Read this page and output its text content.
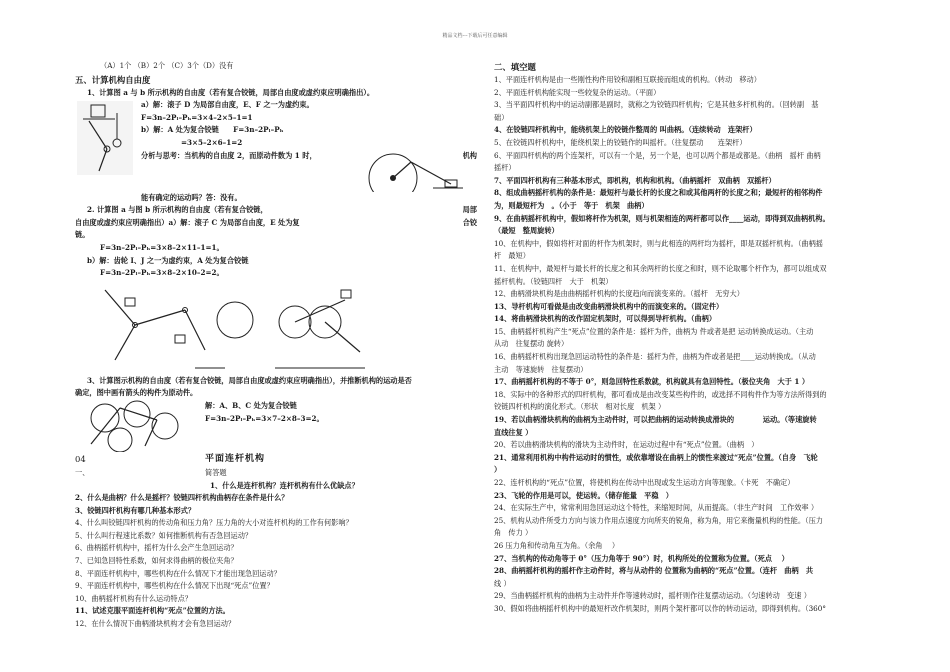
精品文档---下载后可任意编辑
（A）1个 （B）2个 （C）3个（D）没有
五、计算机构自由度
1、计算图 a 与 b 所示机构的自由度（若有复合铰链，局部自由度或虚约束应明确指出）。
a）解：滚子 D 为局部自由度，E、F 之一为虚约束。
F=3n–2Pₗ–Pₕ=3×4–2×5–1=1
b）解：A 处为复合铰链　　F=3n–2Pₗ–Pₕ
=3×5–2×6–1=2
分析与思考：当机构的自由度 2，而原动件数为 1 时，	机构
能有确定的运动吗？答：没有。
2. 计算图 a 与图 b 所示机构的自由度（若有复合铰链，	局部
自由度或虚约束应明确指出）a）解：滚子 C 为局部自由度，E 处为复	合铰
链。
F=3n–2Pₗ–Pₕ=3×8–2×11–1=1。
b）解：齿轮 I、J 之一为虚约束，A 处为复合铰链
F=3n–2Pₗ–Pₕ=3×8–2×10–2=2。
3、计算图示机构的自由度（若有复合铰链，局部自由度或虚约束应明确指出），并推断机构的运动是否
确定，图中画有箭头的构件为原动件。
解：A、B、C 处为复合铰链
F=3n–2Pₗ–Pₕ=3×7–2×8–3=2。
04	平面连杆机构
一、	简答题
1、什么是连杆机构？连杆机构有什么优缺点？
2、什么是曲柄？什么是摇杆？铰链四杆机构曲柄存在条件是什么？
3、铰链四杆机构有哪几种基本形式？
4、什么叫铰链四杆机构的传动角和压力角？压力角的大小对连杆机构的工作有何影响？
5、什么叫行程速比系数？如何推断机构有否急回运动？
6、曲柄摇杆机构中，摇杆为什么会产生急回运动？
7、已知急回特性系数，如何求得曲柄的极位夹角？
8、平面连杆机构中，哪些机构在什么情况下才能出现急回运动？
9、平面连杆机构中，哪些机构在什么情况下出现“死点”位置？
10、曲柄摇杆机构有什么运动特点？
11、试述克服平面连杆机构“死点”位置的方法。
12、在什么情况下曲柄滑块机构才会有急回运动？
二、填空题
1、平面连杆机构是由一些刚性构件用铰和副相互联接而组成的机构。（转动　移动）
2、平面连杆机构能实现一些较复杂的运动。（平面）
3、当平面四杆机构中的运动副都是副时，就称之为铰链四杆机构；它是其他多杆机构的。（回转副　基
础）
4、在铰链四杆机构中，能绕机架上的铰链作整周的 叫曲柄。（连续转动　连架杆）
5、在铰链四杆机构中，能绕机架上的铰链作的叫摇杆。（往复摆动　　连架杆）
6、平面四杆机构的两个连架杆，可以有一个是，另一个是，也可以两个都是或都是。（曲柄　摇杆 曲柄
摇杆）
7、平面四杆机构有三种基本形式，即机构，机构和机构。（曲柄摇杆　双曲柄　双摇杆）
8、组成曲柄摇杆机构的条件是：最短杆与最长杆的长度之和或其他两杆的长度之和；最短杆的相邻构件
为，则最短杆为　。（小于　等于　机架　曲柄）
9、在曲柄摇杆机构中，假如将杆作为机架，则与机架相连的两杆都可以作____运动，即得到双曲柄机构。
（最短　整周旋转）
10、在机构中，假如将杆对面的杆作为机架时，则与此相连的两杆均为摇杆，即是双摇杆机构。（曲柄摇
杆　最短）
11、在机构中，最短杆与最长杆的长度之和其余两杆的长度之和时，则不论取哪个杆作为，都可以组成双
摇杆机构。（铰链四杆　大于　机架）
12、曲柄滑块机构是由曲柄摇杆机构的长度趋向而演变来的。（摇杆　无穷大）
13、导杆机构可看做是由改变曲柄滑块机构中的而演变来的。（固定件）
14、将曲柄滑块机构的改作固定机架时，可以得到导杆机构。（曲柄）
15、曲柄摇杆机构产生“死点”位置的条件是：摇杆为件，曲柄为 件或者是把 运动转换成运动。（主动
从动　往复摆动 旋转）
16、曲柄摇杆机构出现急回运动特性的条件是：摇杆为件，曲柄为件或者是把____运动转换成。（从动
主动　等速旋转　往复摆动）
17、曲柄摇杆机构的不等于 0°，则急回特性系数就，机构就具有急回特性。（极位夹角　大于 1 ）
18、实际中的各种形式的四杆机构，都可看成是由改变某些构件的，或选择不同构件作为等方法所得到的
铰链四杆机构的演化形式。（形状　相对长度　机架 ）
19、若以曲柄滑块机构的曲柄为主动件时，可以把曲柄的运动转换成滑块的　　　　运动。（等速旋转
直线往复 ）
20、若以曲柄滑块机构的滑块为主动件时，在运动过程中有“死点”位置。（曲柄　）
21、通常利用机构中构件运动时的惯性，或依靠增设在曲柄上的惯性来渡过“死点”位置。（自身　飞轮
）
22、连杆机构的“死点”位置，将使机构在传动中出现或发生运动方向等现象。（卡死　不确定）
23、飞轮的作用是可以，使运转。（储存能量　平稳　）
24、在实际生产中，常常利用急回运动这个特性，来缩短时间，从而提高。（非生产时间　工作效率 ）
25、机构从动件所受力方向与该力作用点速度方向所夹的锐角，称为角，用它来衡量机构的性能。（压力
角　传力 ）
26 压力角和传动角互为角。（余角　 ）
27、当机构的传动角等于 0°（压力角等于 90°）时，机构所处的位置称为位置。（死点　 ）
28、曲柄摇杆机构的摇杆作主动件时，将与从动件的 位置称为曲柄的“死点”位置。（连杆　曲柄　共
线 ）
29、当曲柄摇杆机构的曲柄为主动件并作等速转动时，摇杆则作往复摆动运动。（匀速转动　变速 ）
30、假如将曲柄摇杆机构中的最短杆改作机架时，则两个架杆都可以作的转动运动，即得到机构。（360°
